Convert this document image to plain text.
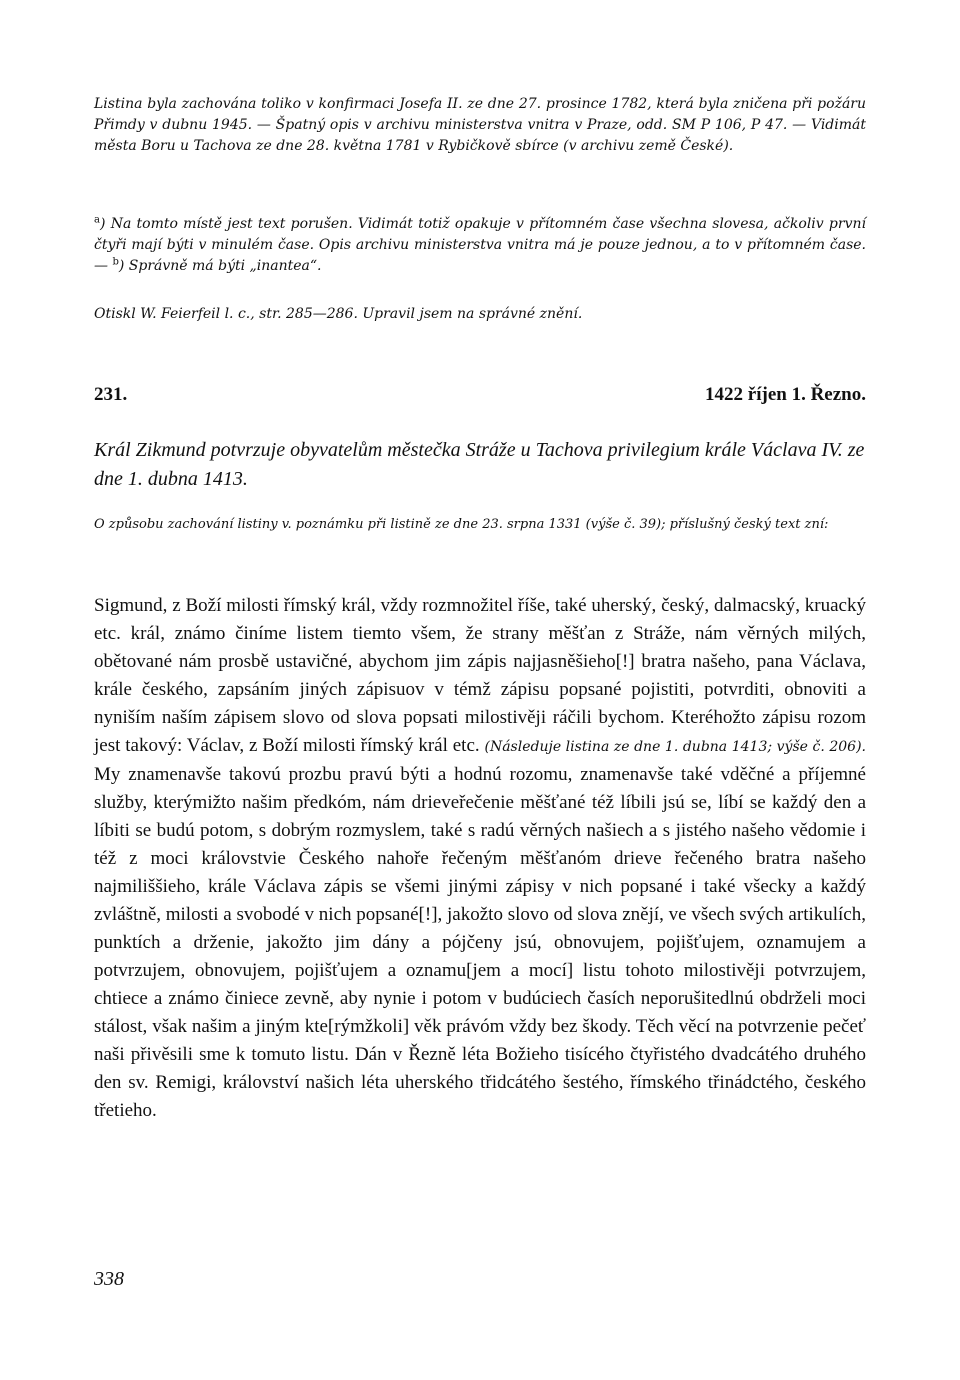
Listina byla zachována toliko v konfirmaci Josefa II. ze dne 27. prosince 1782, která byla zničena při požáru Přimdy v dubnu 1945. — Špatný opis v archivu ministerstva vnitra v Praze, odd. SM P 106, P 47. — Vidimát města Boru u Tachova ze dne 28. května 1781 v Rybičkově sbírce (v archivu země České).

$^a$) Na tomto místě jest text porušen. Vidimát totiž opakuje v přítomném čase všechna slovesa, ačkoliv první čtyři mají býti v minulém čase. Opis archivu ministerstva vnitra má je pouze jednou, a to v přítomném čase. — $^b$) Správně má býti „inantea“.

Otiskl W. Feierfeil l. c., str. 285—286. Upravil jsem na správné znění.

231.	1422 říjen 1. Řezno.
Král Zikmund potvrzuje obyvatelům městečka Stráže u Tachova privilegium krále Václava IV. ze dne 1. dubna 1413.
O způsobu zachování listiny v. poznámku při listině ze dne 23. srpna 1331 (výše č. 39); příslušný český text zní:

Sigmund, z Boží milosti římský král, vždy rozmnožitel říše, také uherský, český, dalmacský, kruacký etc. král, známo činíme listem tiemto všem, že strany měšťan z Stráže, nám věrných milých, obětované nám prosbě ustavičné, abychom jim zápis najjasněšieho[!] bratra našeho, pana Václava, krále českého, zapsáním jiných zápisuov v témž zápisu popsané pojistiti, potvrditi, obnoviti a nyniším naším zápisem slovo od slova popsati milostivěji ráčili bychom. Kteréhožto zápisu rozom jest takový: Václav, z Boží milosti římský král etc. (Následuje listina ze dne 1. dubna 1413; výše č. 206). My znamenavše takovú prozbu pravú býti a hodnú rozomu, znamenavše také vděčné a příjemné služby, kterýmižto našim předkóm, nám drieveřečenie měšťané též líbili jsú se, líbí se každý den a líbiti se budú potom, s dobrým rozmyslem, také s radú věrných našiech a s jistého našeho vědomie i též z moci královstvie Českého nahoře řečeným měšťanóm drieve řečeného bratra našeho najmiliššieho, krále Václava zápis se všemi jinými zápisy v nich popsané i také všecky a každý zvláštně, milosti a svobodé v nich popsané[!], jakožto slovo od slova znějí, ve všech svých artikulích, punktích a drženie, jakožto jim dány a pójčeny jsú, obnovujem, pojišťujem, oznamujem a potvrzujem, obnovujem, pojišťujem a oznamu[jem a mocí] listu tohoto milostivěji potvrzujem, chtiece a známo činiece zevně, aby nynie i potom v budúciech časích neporušitedlnú obdrželi moci stálost, však našim a jiným kte[rýmžkoli] věk právóm vždy bez škody. Těch věcí na potvrzenie pečeť naši přivěsili sme k tomuto listu. Dán v Řezně léta Božieho tisícého čtyřistého dvadcátého druhého den sv. Remigi, království našich léta uherského třidcátého šestého, římského třinádctého, českého třetieho.

338
